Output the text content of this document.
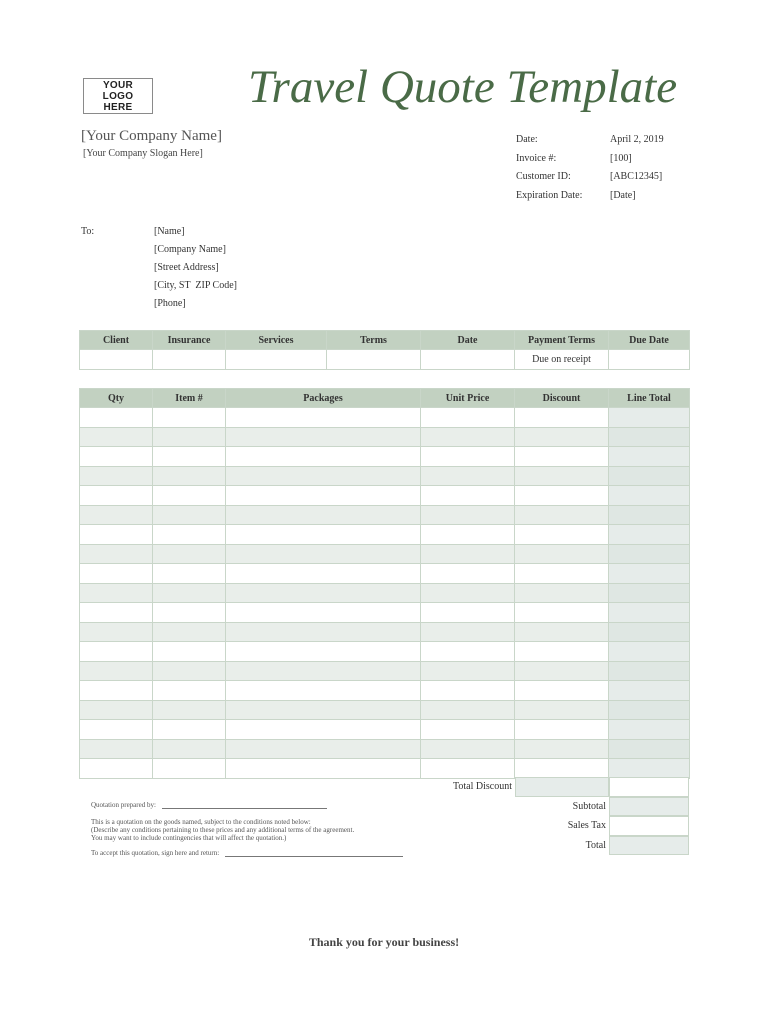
YOUR LOGO HERE Travel Quote Template
[Your Company Name]
[Your Company Slogan Here]
Date:	April 2, 2019
Invoice #:	[100]
Customer ID:	[ABC12345]
Expiration Date:	[Date]
To:	[Name]
[Company Name]
[Street Address]
[City, ST  ZIP Code]
[Phone]
Client	Insurance	Services	Terms	Date	Payment Terms	Due Date
					Due on receipt	
Qty	Item #	Packages	Unit Price	Discount	Line Total

Total Discount
Subtotal
Sales Tax
Total
Quotation prepared by:
This is a quotation on the goods named, subject to the conditions noted below:
(Describe any conditions pertaining to these prices and any additional terms of the agreement.
You may want to include contingencies that will affect the quotation.)
To accept this quotation, sign here and return:
Thank you for your business!
